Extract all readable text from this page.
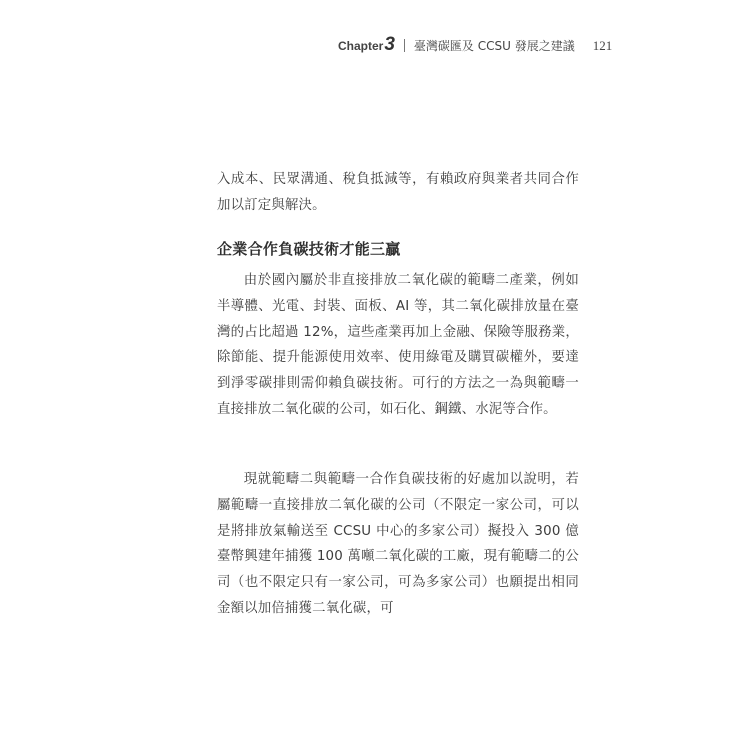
Chapter 3 臺灣碳匯及 CCSU 發展之建議 121

入成本、民眾溝通、稅負抵減等，有賴政府與業者共同合作加以訂定與解決。

企業合作負碳技術才能三贏

由於國內屬於非直接排放二氧化碳的範疇二產業，例如半導體、光電、封裝、面板、AI 等，其二氧化碳排放量在臺灣的占比超過 12%，這些產業再加上金融、保險等服務業，除節能、提升能源使用效率、使用綠電及購買碳權外，要達到淨零碳排則需仰賴負碳技術。可行的方法之一為與範疇一直接排放二氧化碳的公司，如石化、鋼鐵、水泥等合作。

現就範疇二與範疇一合作負碳技術的好處加以說明，若屬範疇一直接排放二氧化碳的公司（不限定一家公司，可以是將排放氣輸送至 CCSU 中心的多家公司）擬投入 300 億臺幣興建年捕獲 100 萬噸二氧化碳的工廠，現有範疇二的公司（也不限定只有一家公司，可為多家公司）也願提出相同金額以加倍捕獲二氧化碳，可
